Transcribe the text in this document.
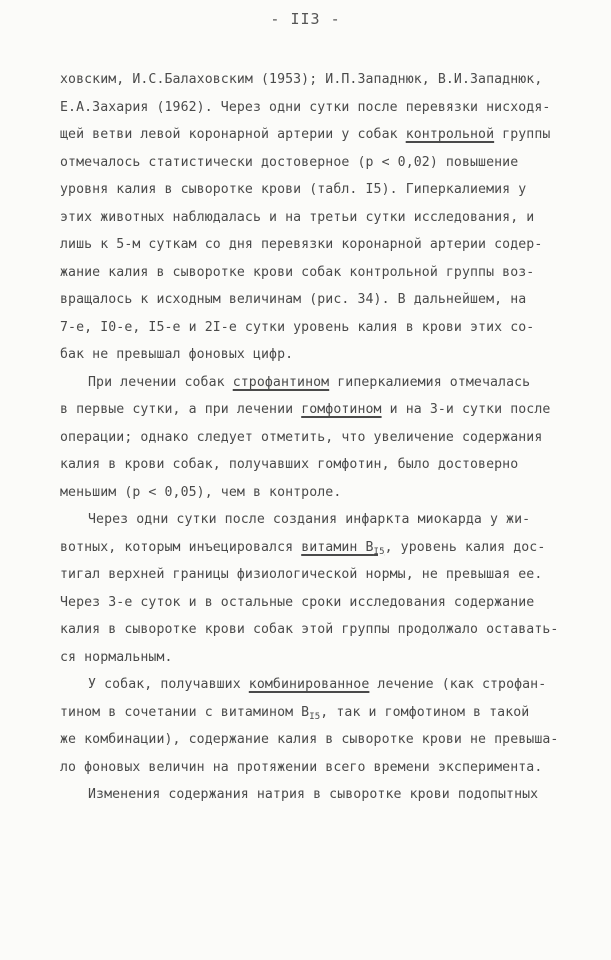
- II3 -
ховским, И.С.Балаховским (1953); И.П.Западнюк, В.И.Западнюк,
Е.А.Захария (1962). Через одни сутки после перевязки нисходя-
щей ветви левой коронарной артерии у собак контрольной группы
отмечалось статистически достоверное (р < 0,02) повышение
уровня калия в сыворотке крови (табл. I5). Гиперкалиемия у
этих животных наблюдалась и на третьи сутки исследования, и
лишь к 5-м суткам со дня перевязки коронарной артерии содер-
жание калия в сыворотке крови собак контрольной группы воз-
вращалось к исходным величинам (рис. 34). В дальнейшем, на
7-е, I0-е, I5-е и 2I-е сутки уровень калия в крови этих со-
бак не превышал фоновых цифр.
При лечении собак строфантином гиперкалиемия отмечалась
в первые сутки, а при лечении гомфотином и на 3-и сутки после
операции; однако следует отметить, что увеличение содержания
калия в крови собак, получавших гомфотин, было достоверно
меньшим (р < 0,05), чем в контроле.
Через одни сутки после создания инфаркта миокарда у жи-
вотных, которым инъецировался витамин $В_{I5}$, уровень калия дос-
тигал верхней границы физиологической нормы, не превышая ее.
Через 3-е суток и в остальные сроки исследования содержание
калия в сыворотке крови собак этой группы продолжало оставать-
ся нормальным.
У собак, получавших комбинированное лечение (как строфан-
тином в сочетании с витамином $В_{I5}$, так и гомфотином в такой
же комбинации), содержание калия в сыворотке крови не превыша-
ло фоновых величин на протяжении всего времени эксперимента.
Изменения содержания натрия в сыворотке крови подопытных
